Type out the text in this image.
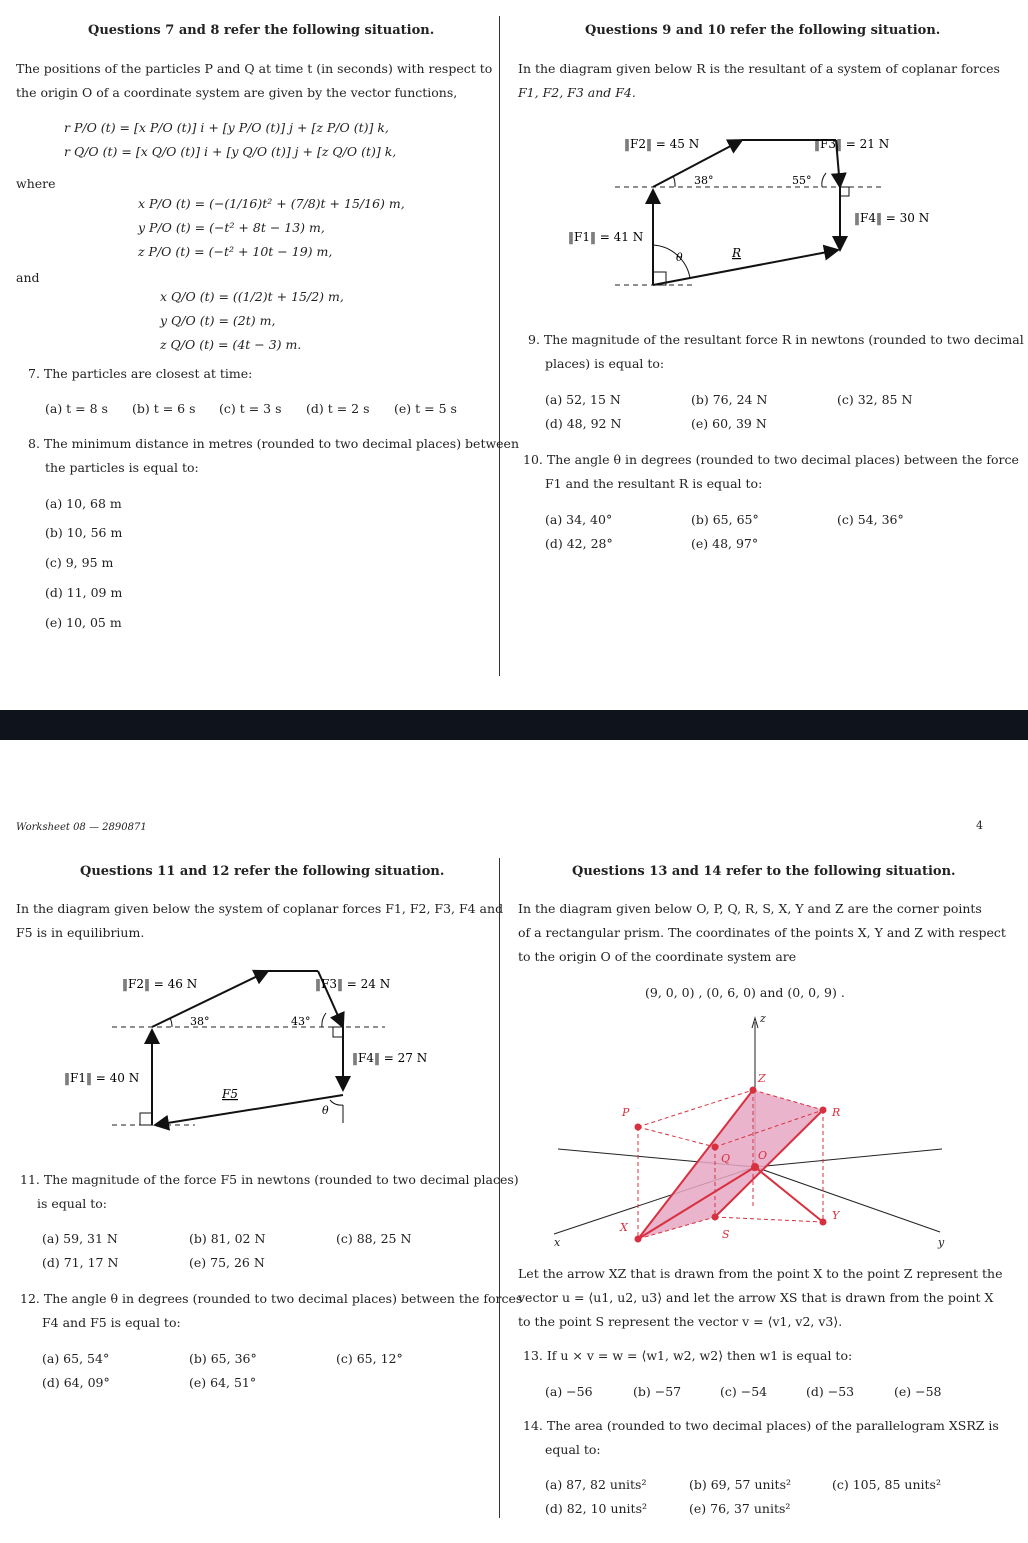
Questions 7 and 8 refer the following situation.
The positions of the particles P and Q at time t (in seconds) with respect to
the origin O of a coordinate system are given by the vector functions,
r P/O (t) = [x P/O (t)] i + [y P/O (t)] j + [z P/O (t)] k,
r Q/O (t) = [x Q/O (t)] i + [y Q/O (t)] j + [z Q/O (t)] k,
where
x P/O (t) = (−(1/16)t² + (7/8)t + 15/16) m,
y P/O (t) = (−t² + 8t − 13) m,
z P/O (t) = (−t² + 10t − 19) m,
and
x Q/O (t) = ((1/2)t + 15/2) m,
y Q/O (t) = (2t) m,
z Q/O (t) = (4t − 3) m.
7. The particles are closest at time:
(a) t = 8 s (b) t = 6 s (c) t = 3 s (d) t = 2 s (e) t = 5 s
8. The minimum distance in metres (rounded to two decimal places) between
the particles is equal to:
(a) 10, 68 m
(b) 10, 56 m
(c) 9, 95 m
(d) 11, 09 m
(e) 10, 05 m
Questions 9 and 10 refer the following situation.
In the diagram given below R is the resultant of a system of coplanar forces
F1, F2, F3 and F4.
‖F2‖ = 45 N	‖F3‖ = 21 N
38°	55°
‖F4‖ = 30 N
‖F1‖ = 41 N
θ	R
9. The magnitude of the resultant force R in newtons (rounded to two decimal
places) is equal to:
(a) 52, 15 N	(b) 76, 24 N	(c) 32, 85 N
(d) 48, 92 N	(e) 60, 39 N
10. The angle θ in degrees (rounded to two decimal places) between the force
F1 and the resultant R is equal to:
(a) 34, 40°	(b) 65, 65°	(c) 54, 36°
(d) 42, 28°	(e) 48, 97°
Worksheet 08 — 2890871	4
Questions 11 and 12 refer the following situation.
In the diagram given below the system of coplanar forces F1, F2, F3, F4 and
F5 is in equilibrium.
‖F2‖ = 46 N	‖F3‖ = 24 N
38°	43°
‖F4‖ = 27 N
‖F1‖ = 40 N
F5
θ
11. The magnitude of the force F5 in newtons (rounded to two decimal places)
is equal to:
(a) 59, 31 N	(b) 81, 02 N	(c) 88, 25 N
(d) 71, 17 N	(e) 75, 26 N
12. The angle θ in degrees (rounded to two decimal places) between the forces
F4 and F5 is equal to:
(a) 65, 54°	(b) 65, 36°	(c) 65, 12°
(d) 64, 09°	(e) 64, 51°
Questions 13 and 14 refer to the following situation.
In the diagram given below O, P, Q, R, S, X, Y and Z are the corner points
of a rectangular prism. The coordinates of the points X, Y and Z with respect
to the origin O of the coordinate system are
(9, 0, 0) , (0, 6, 0) and (0, 0, 9) .
z
x	y
Z
P	R
Q	O
X
Y
S
Let the arrow XZ that is drawn from the point X to the point Z represent the
vector u = ⟨u1, u2, u3⟩ and let the arrow XS that is drawn from the point X
to the point S represent the vector v = ⟨v1, v2, v3⟩.
13. If u × v = w = ⟨w1, w2, w2⟩ then w1 is equal to:
(a) −56	(b) −57	(c) −54	(d) −53	(e) −58
14. The area (rounded to two decimal places) of the parallelogram XSRZ is
equal to:
(a) 87, 82 units²	(b) 69, 57 units²	(c) 105, 85 units²
(d) 82, 10 units²	(e) 76, 37 units²
